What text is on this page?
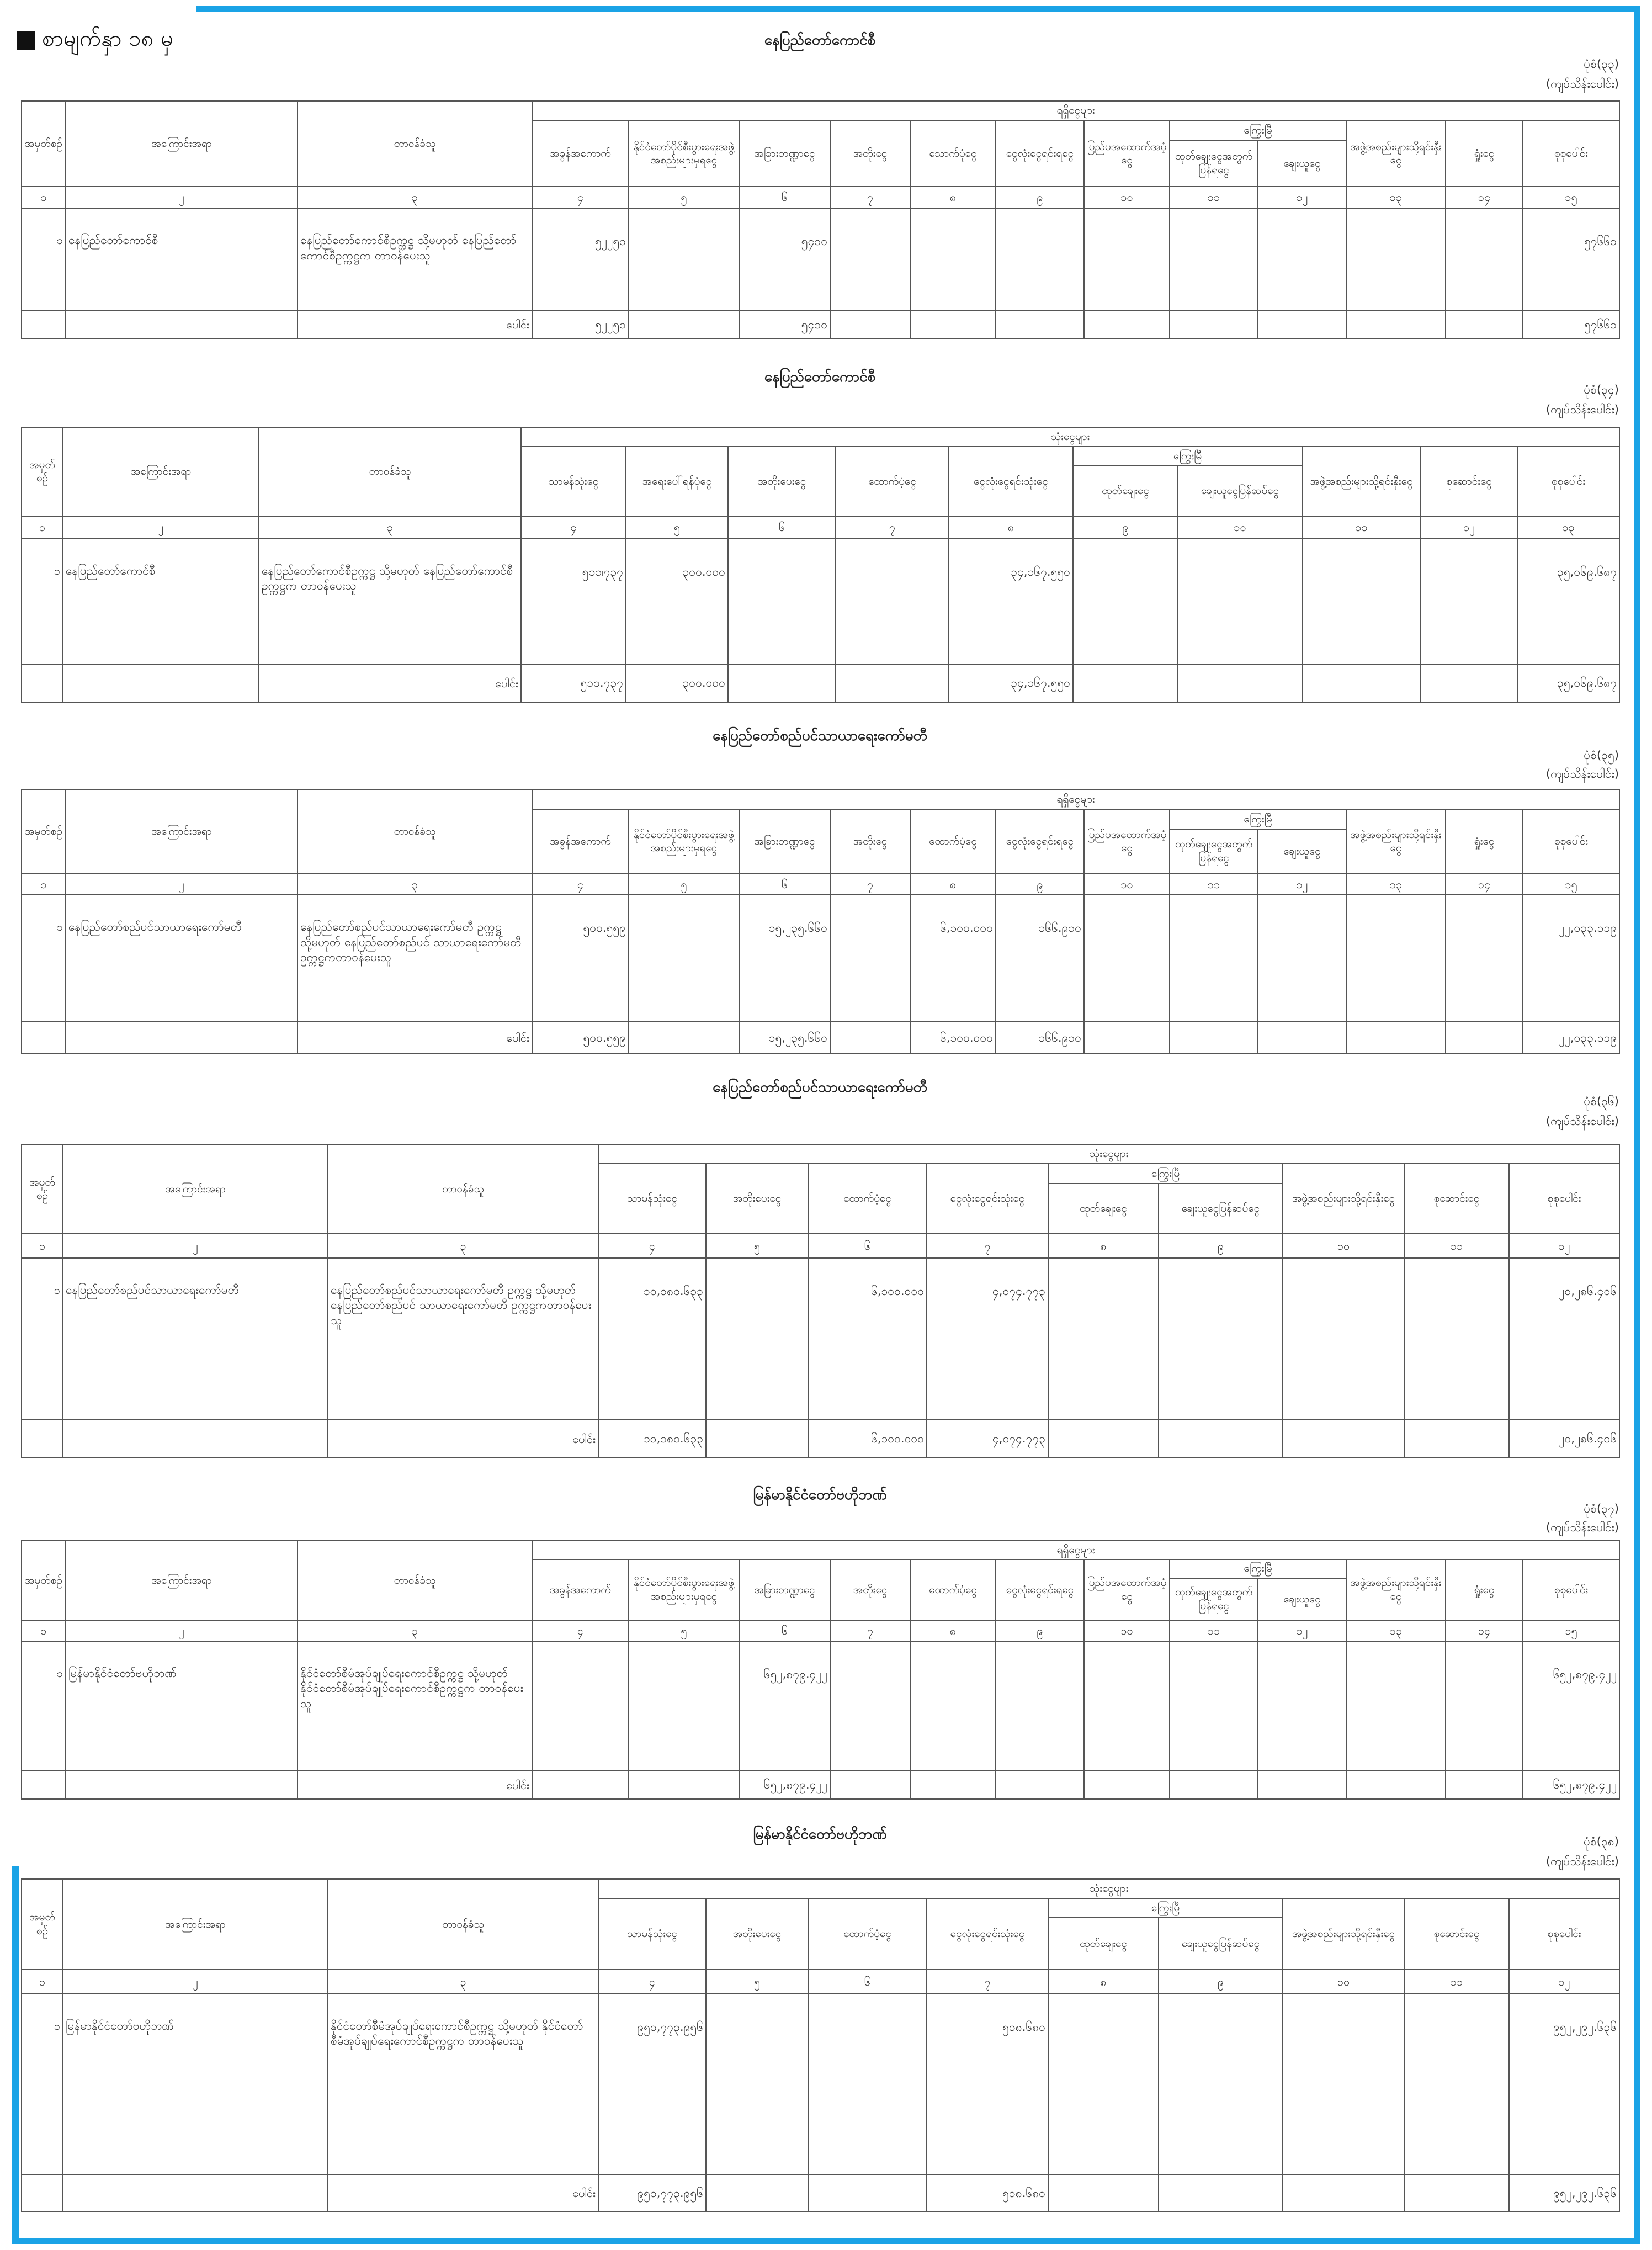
စာမျက်နှာ ၁၈ မှ	နေပြည်တော်ကောင်စီ
ပုံစံ(၃၃)
(ကျပ်သိန်းပေါင်း)
အမှတ်စဉ်	အကြောင်းအရာ	တာဝန်ခံသူ	ရရှိငွေများ											
			အခွန်အကောက်	နိုင်ငံတော်ပိုင်စီးပွားရေးအဖွဲ့အစည်းများမှရငွေ	အခြားဘဏ္ဍာငွေ	အတိုးငွေ	သောက်ပုံငွေ	ငွေလုံးငွေရင်းရငွေ	ပြည်ပအထောက်အပံ့ငွေ	ကြွေးမြီ		အဖွဲ့အစည်းများသို့ရင်းနှီးငွေ	ရှုံးငွေ	စုစုပေါင်း
										ထုတ်ချေးငွေအတွက်ပြန်ရငွေ	ချေးယူငွေ			
၁	၂	၃	၄	၅	၆	၇	၈	၉	၁၀	၁၁	၁၂	၁၃	၁၄	၁၅
၁	နေပြည်တော်ကောင်စီ	နေပြည်တော်ကောင်စီဥက္ကဋ္ဌ သို့မဟုတ် နေပြည်တော်ကောင်စီဥက္ကဋ္ဌက တာဝန်ပေးသူ	၅၂၂၅၁		၅၄၁၀									၅၇၆၆၁
		ပေါင်း	၅၂၂၅၁		၅၄၁၀									၅၇၆၆၁
နေပြည်တော်ကောင်စီ
ပုံစံ(၃၄)
(ကျပ်သိန်းပေါင်း)
အမှတ်စဉ်	အကြောင်းအရာ	တာဝန်ခံသူ	သုံးငွေများ									
			သာမန်သုံးငွေ	အရေးပေါ်ရန်ပုံငွေ	အတိုးပေးငွေ	ထောက်ပံ့ငွေ	ငွေလုံးငွေရင်းသုံးငွေ	ကြွေးမြီ		အဖွဲ့အစည်းများသို့ရင်းနှီးငွေ	စုဆောင်းငွေ	စုစုပေါင်း
								ထုတ်ချေးငွေ	ချေးယူငွေပြန်ဆပ်ငွေ			
၁	၂	၃	၄	၅	၆	၇	၈	၉	၁၀	၁၁	၁၂	၁၃
၁	နေပြည်တော်ကောင်စီ	နေပြည်တော်ကောင်စီဥက္ကဋ္ဌ သို့မဟုတ် နေပြည်တော်ကောင်စီဥက္ကဋ္ဌက တာဝန်ပေးသူ	၅၁၁၊၇၃၇	၃၀၀.၀၀၀			၃၄,၁၆၇.၅၅၀					၃၅,၀၆၉.၆၈၇
		ပေါင်း	၅၁၁.၇၃၇	၃၀၀.၀၀၀			၃၄,၁၆၇.၅၅၀					၃၅,၀၆၉.၆၈၇
နေပြည်တော်စည်ပင်သာယာရေးကော်မတီ
ပုံစံ(၃၅)
(ကျပ်သိန်းပေါင်း)
အမှတ်စဉ်	အကြောင်းအရာ	တာဝန်ခံသူ	ရရှိငွေများ											
			အခွန်အကောက်	နိုင်ငံတော်ပိုင်စီးပွားရေးအဖွဲ့အစည်းများမှရငွေ	အခြားဘဏ္ဍာငွေ	အတိုးငွေ	ထောက်ပံ့ငွေ	ငွေလုံးငွေရင်းရငွေ	ပြည်ပအထောက်အပံ့ငွေ	ကြွေးမြီ		အဖွဲ့အစည်းများသို့ရင်းနှီးငွေ	ရှုံးငွေ	စုစုပေါင်း
										ထုတ်ချေးငွေအတွက်ပြန်ရငွေ	ချေးယူငွေ			
၁	၂	၃	၄	၅	၆	၇	၈	၉	၁၀	၁၁	၁၂	၁၃	၁၄	၁၅
၁	နေပြည်တော်စည်ပင်သာယာရေးကော်မတီ	နေပြည်တော်စည်ပင်သာယာရေးကော်မတီ ဥက္ကဋ္ဌ သို့မဟုတ် နေပြည်တော်စည်ပင် သာယာရေးကော်မတီ ဥက္ကဋ္ဌကတာဝန်ပေးသူ	၅၀၀.၅၅၉		၁၅,၂၃၅.၆၆၀		၆,၁၀၀.၀၀၀	၁၆၆.၉၁၀						၂၂,၀၃၃.၁၁၉
		ပေါင်း	၅၀၀.၅၅၉		၁၅,၂၃၅.၆၆၀		၆,၁၀၀.၀၀၀	၁၆၆.၉၁၀						၂၂,၀၃၃.၁၁၉
နေပြည်တော်စည်ပင်သာယာရေးကော်မတီ
ပုံစံ(၃၆)
(ကျပ်သိန်းပေါင်း)
အမှတ်စဉ်	အကြောင်းအရာ	တာဝန်ခံသူ	သုံးငွေများ								
			သာမန်သုံးငွေ	အတိုးပေးငွေ	ထောက်ပံ့ငွေ	ငွေလုံးငွေရင်းသုံးငွေ	ကြွေးမြီ		အဖွဲ့အစည်းများသို့ရင်းနှီးငွေ	စုဆောင်းငွေ	စုစုပေါင်း
							ထုတ်ချေးငွေ	ချေးယူငွေပြန်ဆပ်ငွေ			
၁	၂	၃	၄	၅	၆	၇	၈	၉	၁၀	၁၁	၁၂
၁	နေပြည်တော်စည်ပင်သာယာရေးကော်မတီ	နေပြည်တော်စည်ပင်သာယာရေးကော်မတီ ဥက္ကဋ္ဌ သို့မဟုတ် နေပြည်တော်စည်ပင် သာယာရေးကော်မတီ ဥက္ကဋ္ဌကတာဝန်ပေးသူ	၁၀,၁၈၀.၆၃၃		၆,၁၀၀.၀၀၀	၄,၀၇၄.၇၇၃					၂၀,၂၈၆.၄၀၆
		ပေါင်း	၁၀,၁၈၀.၆၃၃		၆,၁၀၀.၀၀၀	၄,၀၇၄.၇၇၃					၂၀,၂၈၆.၄၀၆
မြန်မာနိုင်ငံတော်ဗဟိုဘဏ်
ပုံစံ(၃၇)
(ကျပ်သိန်းပေါင်း)
အမှတ်စဉ်	အကြောင်းအရာ	တာဝန်ခံသူ	ရရှိငွေများ											
			အခွန်အကောက်	နိုင်ငံတော်ပိုင်စီးပွားရေးအဖွဲ့အစည်းများမှရငွေ	အခြားဘဏ္ဍာငွေ	အတိုးငွေ	ထောက်ပံ့ငွေ	ငွေလုံးငွေရင်းရငွေ	ပြည်ပအထောက်အပံ့ငွေ	ကြွေးမြီ		အဖွဲ့အစည်းများသို့ရင်းနှီးငွေ	ရှုံးငွေ	စုစုပေါင်း
										ထုတ်ချေးငွေအတွက်ပြန်ရငွေ	ချေးယူငွေ			
၁	၂	၃	၄	၅	၆	၇	၈	၉	၁၀	၁၁	၁၂	၁၃	၁၄	၁၅
၁	မြန်မာနိုင်ငံတော်ဗဟိုဘဏ်	နိုင်ငံတော်စီမံအုပ်ချုပ်ရေးကောင်စီဥက္ကဋ္ဌ သို့မဟုတ် နိုင်ငံတော်စီမံအုပ်ချုပ်ရေးကောင်စီဥက္ကဋ္ဌက တာဝန်ပေးသူ			၆၅၂,၈၇၉.၄၂၂									၆၅၂,၈၇၉.၄၂၂
		ပေါင်း			၆၅၂,၈၇၉.၄၂၂									၆၅၂,၈၇၉.၄၂၂
မြန်မာနိုင်ငံတော်ဗဟိုဘဏ်	ပုံစံ(၃၈)
(ကျပ်သိန်းပေါင်း)
အမှတ်စဉ်	အကြောင်းအရာ	တာဝန်ခံသူ	သုံးငွေများ								
			သာမန်သုံးငွေ	အတိုးပေးငွေ	ထောက်ပံ့ငွေ	ငွေလုံးငွေရင်းသုံးငွေ	ကြွေးမြီ		အဖွဲ့အစည်းများသို့ရင်းနှီးငွေ	စုဆောင်းငွေ	စုစုပေါင်း
							ထုတ်ချေးငွေ	ချေးယူငွေပြန်ဆပ်ငွေ			
၁	၂	၃	၄	၅	၆	၇	၈	၉	၁၀	၁၁	၁၂
၁	မြန်မာနိုင်ငံတော်ဗဟိုဘဏ်	နိုင်ငံတော်စီမံအုပ်ချုပ်ရေးကောင်စီဥက္ကဋ္ဌ သို့မဟုတ် နိုင်ငံတော်စီမံအုပ်ချုပ်ရေးကောင်စီဥက္ကဋ္ဌက တာဝန်ပေးသူ	၉၅၁,၇၇၃.၉၅၆			၅၁၈.၆၈၀					၉၅၂,၂၉၂.၆၃၆
		ပေါင်း	၉၅၁,၇၇၃.၉၅၆			၅၁၈.၆၈၀					၉၅၂,၂၉၂.၆၃၆
